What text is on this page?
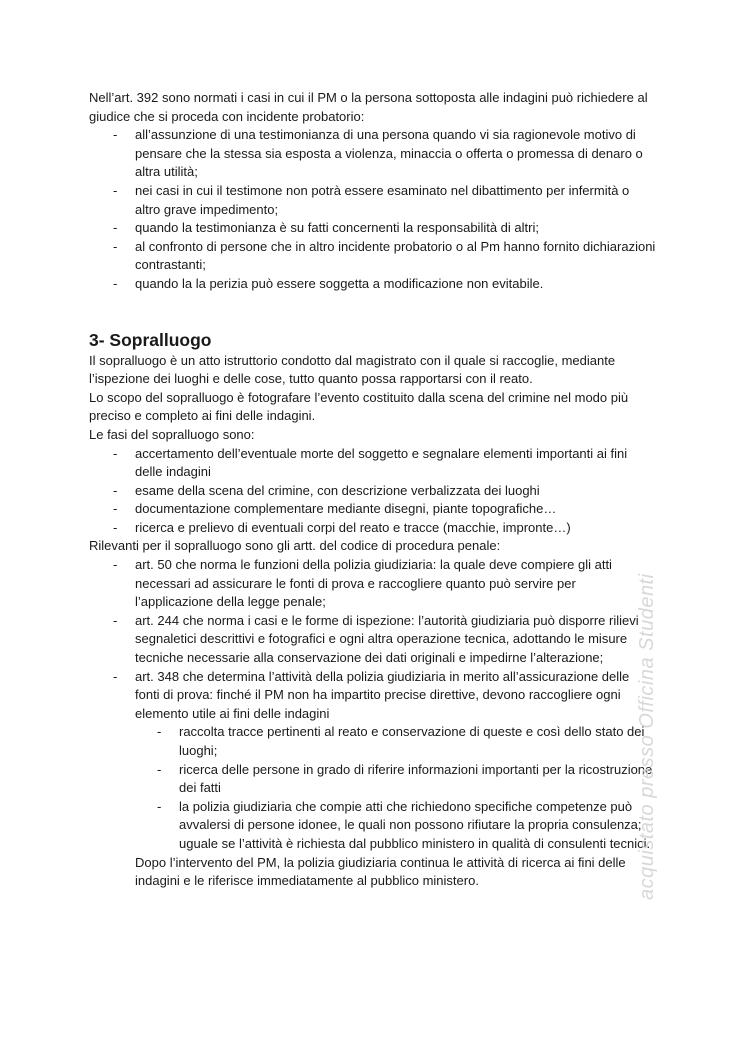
Nell’art. 392 sono normati i casi in cui il PM o la persona sottoposta alle indagini può richiedere al giudice che si proceda con incidente probatorio:

- all’assunzione di una testimonianza di una persona quando vi sia ragionevole motivo di pensare che la stessa sia esposta a violenza, minaccia o offerta o promessa di denaro o altra utilità;
- nei casi in cui il testimone non potrà essere esaminato nel dibattimento per infermità o altro grave impedimento;
- quando la testimonianza è su fatti concernenti la responsabilità di altri;
- al confronto di persone che in altro incidente probatorio o al Pm hanno fornito dichiarazioni contrastanti;
- quando la la perizia può essere soggetta a modificazione non evitabile.

3- Sopralluogo

Il sopralluogo è un atto istruttorio condotto dal magistrato con il quale si raccoglie, mediante l’ispezione dei luoghi e delle cose, tutto quanto possa rapportarsi con il reato.

Lo scopo del sopralluogo è fotografare l’evento costituito dalla scena del crimine nel modo più preciso e completo ai fini delle indagini.

Le fasi del sopralluogo sono:

- accertamento dell’eventuale morte del soggetto e segnalare elementi importanti ai fini delle indagini
- esame della scena del crimine, con descrizione verbalizzata dei luoghi
- documentazione complementare mediante disegni, piante topografiche…
- ricerca e prelievo di eventuali corpi del reato e tracce (macchie, impronte…)

Rilevanti per il sopralluogo sono gli artt. del codice di procedura penale:

- art. 50 che norma le funzioni della polizia giudiziaria: la quale deve compiere gli atti necessari ad assicurare le fonti di prova e raccogliere quanto può servire per l’applicazione della legge penale;
- art. 244 che norma i casi e le forme di ispezione: l’autorità giudiziaria può disporre rilievi segnaletici descrittivi e fotografici e ogni altra operazione tecnica, adottando le misure tecniche necessarie alla conservazione dei dati originali e impedirne l’alterazione;
- art. 348 che determina l’attività della polizia giudiziaria in merito all’assicurazione delle fonti di prova: finché il PM non ha impartito precise direttive, devono raccogliere ogni elemento utile ai fini delle indagini
- raccolta tracce pertinenti al reato e conservazione di queste e così dello stato dei luoghi;
- ricerca delle persone in grado di riferire informazioni importanti per la ricostruzione dei fatti
- la polizia giudiziaria che compie atti che richiedono specifiche competenze può avvalersi di persone idonee, le quali non possono rifiutare la propria consulenza; uguale se l’attività è richiesta dal pubblico ministero in qualità di consulenti tecnici.

Dopo l’intervento del PM, la polizia giudiziaria continua le attività di ricerca ai fini delle indagini e le riferisce immediatamente al pubblico ministero.	acquistato presso Officina Studenti
